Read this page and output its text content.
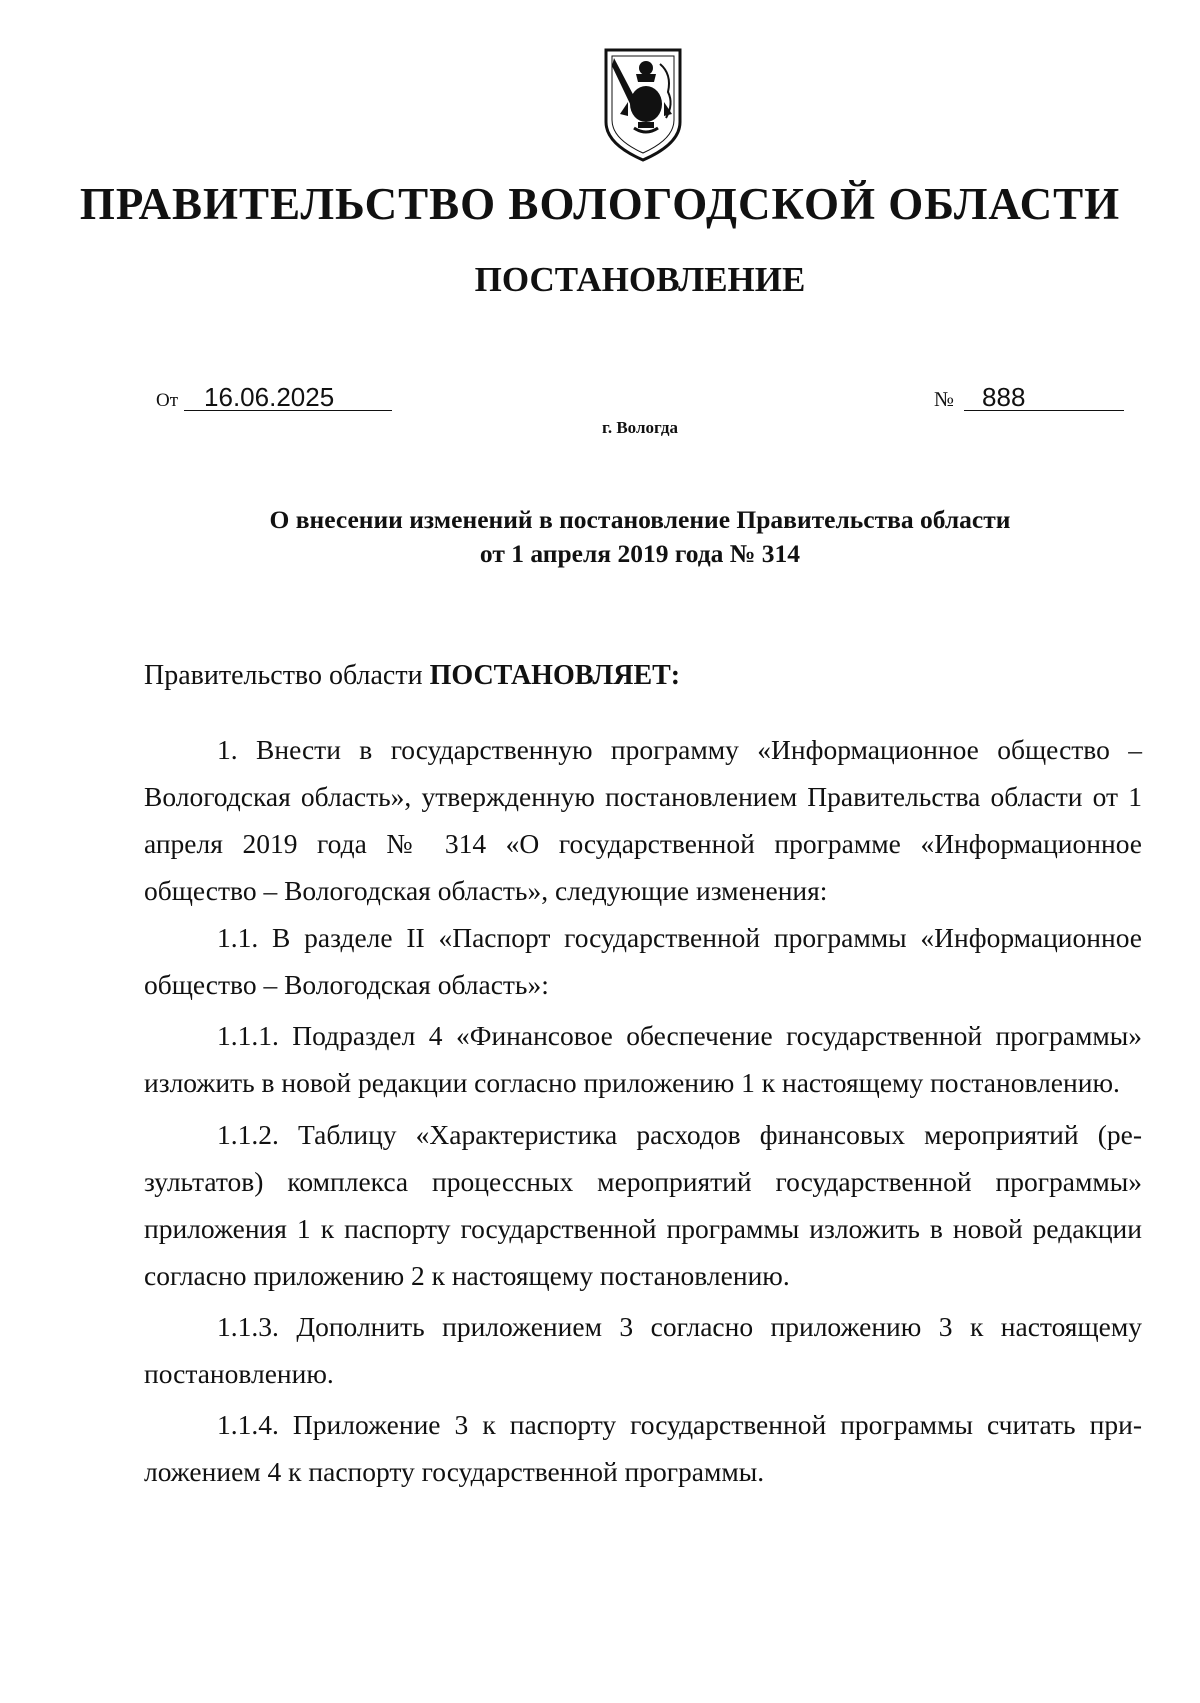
ПРАВИТЕЛЬСТВО ВОЛОГОДСКОЙ ОБЛАСТИ
ПОСТАНОВЛЕНИЕ
От 16.06.2025	№ 888

г. Вологда

О внесении изменений в постановление Правительства области
от 1 апреля 2019 года № 314

Правительство области ПОСТАНОВЛЯЕТ:

1. Внести в государственную программу «Информационное общество – Вологодская область», утвержденную постановлением Правительства области от 1 апреля 2019 года № 314 «О государственной программе «Информационное общество – Вологодская область», следующие изменения:

1.1. В разделе II «Паспорт государственной программы «Информационное общество – Вологодская область»:

1.1.1. Подраздел 4 «Финансовое обеспечение государственной программы» изложить в новой редакции согласно приложению 1 к настоящему постановлению.

1.1.2. Таблицу «Характеристика расходов финансовых мероприятий (результатов) комплекса процессных мероприятий государственной программы» приложения 1 к паспорту государственной программы изложить в новой редакции согласно приложению 2 к настоящему постановлению.

1.1.3. Дополнить приложением 3 согласно приложению 3 к настоящему постановлению.

1.1.4. Приложение 3 к паспорту государственной программы считать приложением 4 к паспорту государственной программы.
